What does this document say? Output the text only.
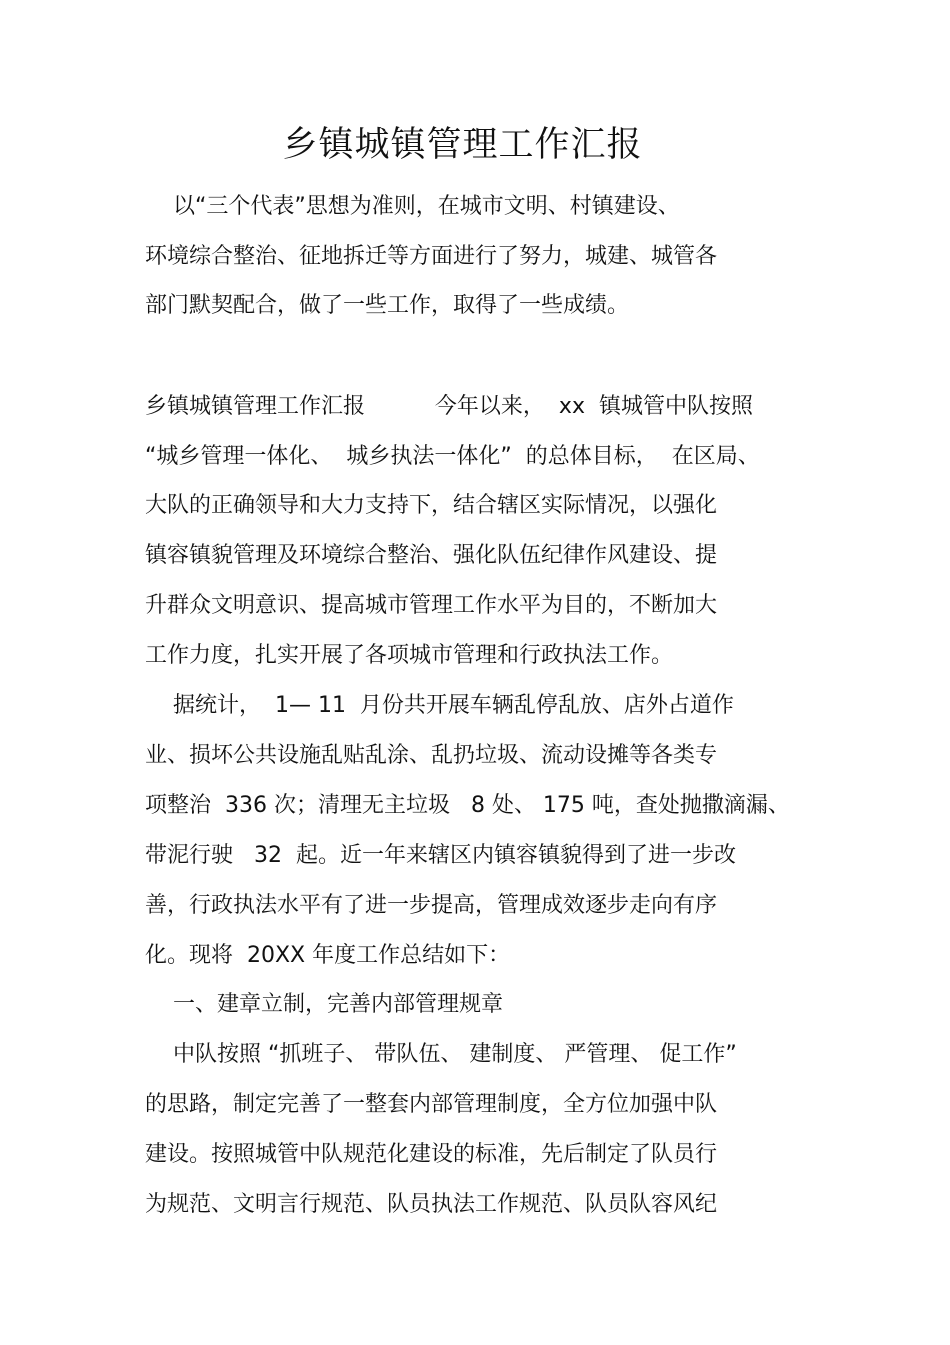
乡镇城镇管理工作汇报

以“三个代表”思想为准则，在城市文明、村镇建设、

环境综合整治、征地拆迁等方面进行了努力，城建、城管各

部门默契配合，做了一些工作，取得了一些成绩。

乡镇城镇管理工作汇报          今年以来，  xx  镇城管中队按照

“城乡管理一体化、  城乡执法一体化”  的总体目标，  在区局、

大队的正确领导和大力支持下，结合辖区实际情况，以强化

镇容镇貌管理及环境综合整治、强化队伍纪律作风建设、提

升群众文明意识、提高城市管理工作水平为目的，不断加大

工作力度，扎实开展了各项城市管理和行政执法工作。

据统计，  1— 11  月份共开展车辆乱停乱放、店外占道作

业、损坏公共设施乱贴乱涂、乱扔垃圾、流动设摊等各类专

项整治  336 次；清理无主垃圾   8 处、 175 吨，查处抛撒滴漏、

带泥行驶   32  起。近一年来辖区内镇容镇貌得到了进一步改

善，行政执法水平有了进一步提高，管理成效逐步走向有序

化。现将  20XX 年度工作总结如下：

一、建章立制，完善内部管理规章

中队按照 “抓班子、 带队伍、 建制度、 严管理、 促工作”

的思路，制定完善了一整套内部管理制度，全方位加强中队

建设。按照城管中队规范化建设的标准，先后制定了队员行

为规范、文明言行规范、队员执法工作规范、队员队容风纪
